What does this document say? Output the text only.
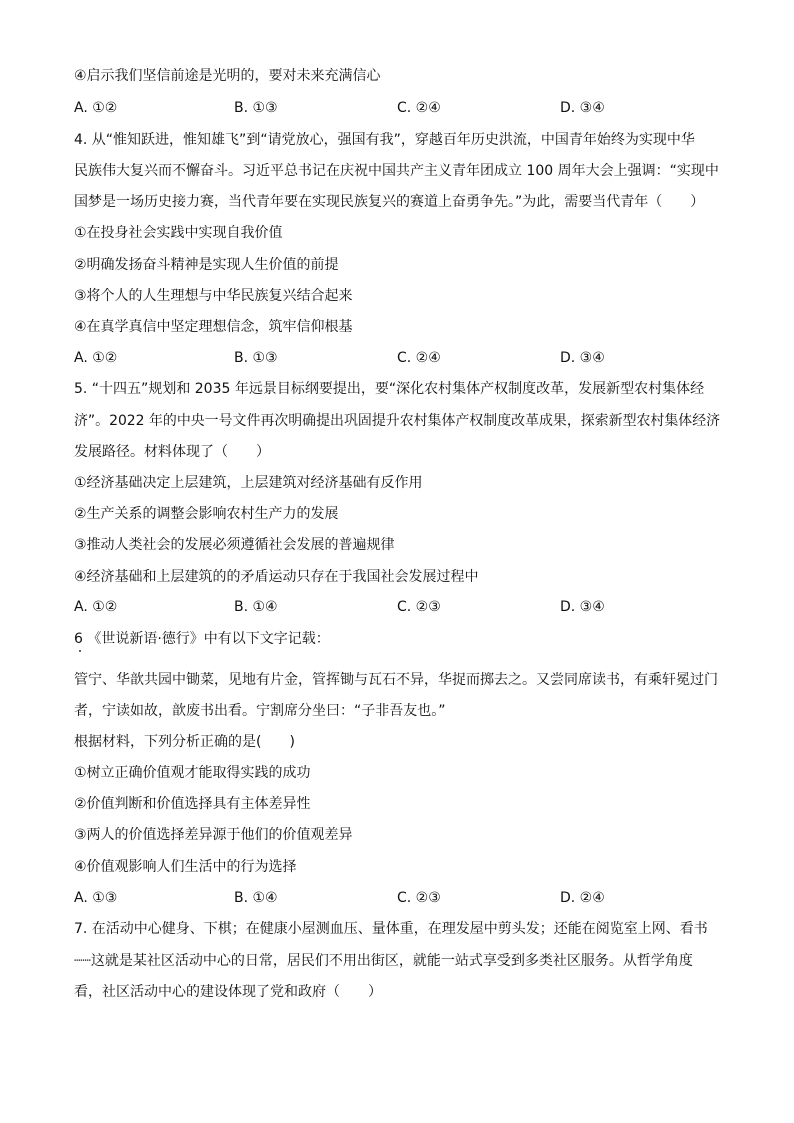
④启示我们坚信前途是光明的，要对未来充满信心
A. ①②	B. ①③	C. ②④	D. ③④
4. 从“惟知跃进，惟知雄飞”到“请党放心，强国有我”，穿越百年历史洪流，中国青年始终为实现中华
民族伟大复兴而不懈奋斗。习近平总书记在庆祝中国共产主义青年团成立 100 周年大会上强调：“实现中
国梦是一场历史接力赛，当代青年要在实现民族复兴的赛道上奋勇争先。”为此，需要当代青年（　　）
①在投身社会实践中实现自我价值
②明确发扬奋斗精神是实现人生价值的前提
③将个人的人生理想与中华民族复兴结合起来
④在真学真信中坚定理想信念，筑牢信仰根基
A. ①②	B. ①③	C. ②④	D. ③④
5. “十四五”规划和 2035 年远景目标纲要提出，要“深化农村集体产权制度改革，发展新型农村集体经
济”。2022 年的中央一号文件再次明确提出巩固提升农村集体产权制度改革成果，探索新型农村集体经济
发展路径。材料体现了（　　）
①经济基础决定上层建筑，上层建筑对经济基础有反作用
②生产关系的调整会影响农村生产力的发展
③推动人类社会的发展必须遵循社会发展的普遍规律
④经济基础和上层建筑的的矛盾运动只存在于我国社会发展过程中
A. ①②	B. ①④	C. ②③	D. ③④
6 《世说新语·德行》中有以下文字记载：
管宁、华歆共园中锄菜，见地有片金，管挥锄与瓦石不异，华捉而掷去之。又尝同席读书，有乘轩冕过门
者，宁读如故，歆废书出看。宁割席分坐曰：“子非吾友也。”
根据材料，下列分析正确的是(　　)
①树立正确价值观才能取得实践的成功
②价值判断和价值选择具有主体差异性
③两人的价值选择差异源于他们的价值观差异
④价值观影响人们生活中的行为选择
A. ①③	B. ①④	C. ②③	D. ②④
7. 在活动中心健身、下棋；在健康小屋测血压、量体重，在理发屋中剪头发；还能在阅览室上网、看书
┈┈这就是某社区活动中心的日常，居民们不用出街区，就能一站式享受到多类社区服务。从哲学角度
看，社区活动中心的建设体现了党和政府（　　）
